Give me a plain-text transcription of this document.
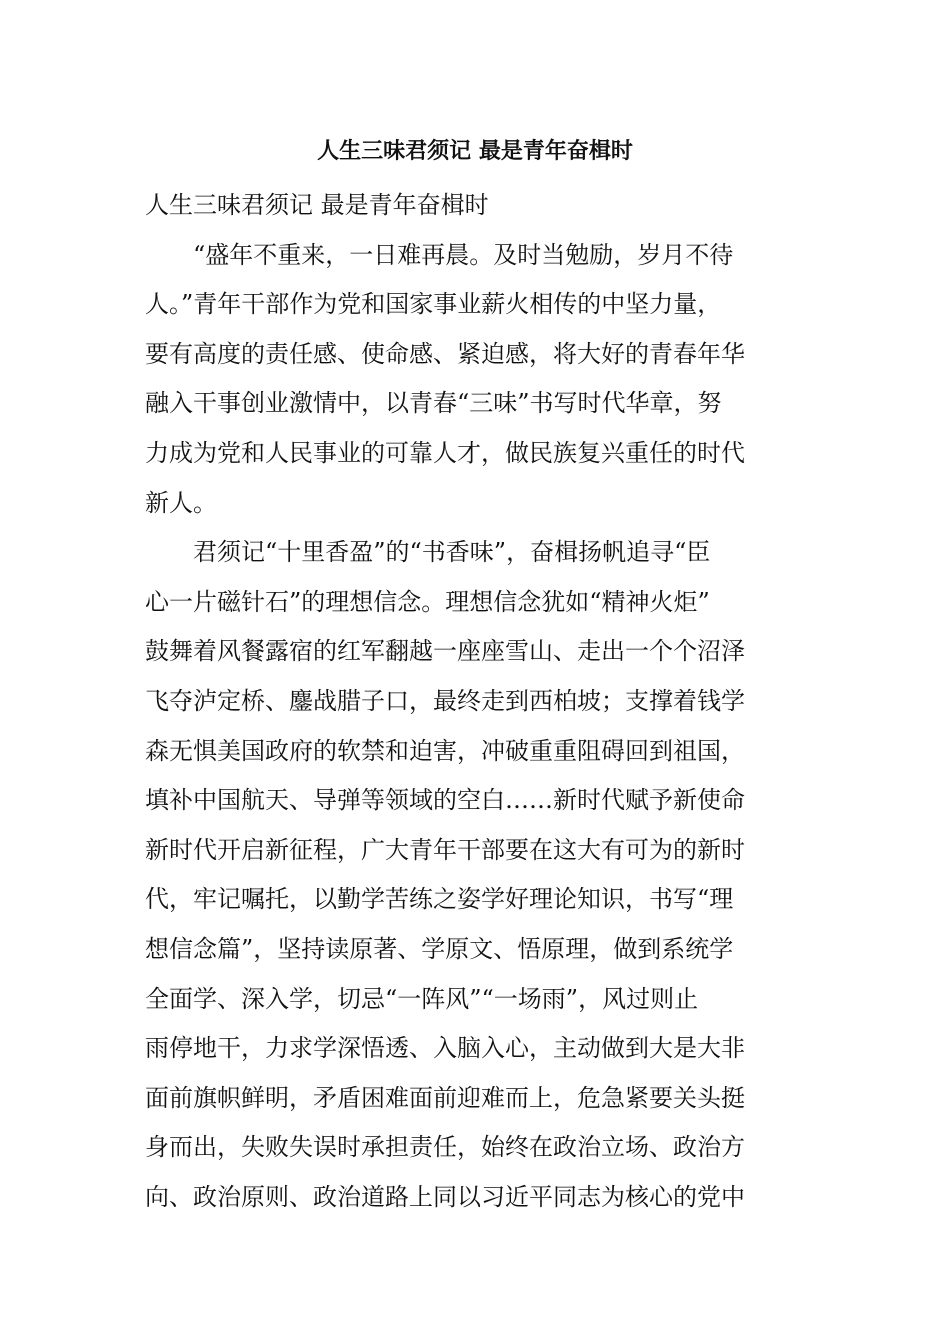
人生三味君须记 最是青年奋楫时

人生三味君须记 最是青年奋楫时

“盛年不重来，一日难再晨。及时当勉励，岁月不待

人。”青年干部作为党和国家事业薪火相传的中坚力量，

要有高度的责任感、使命感、紧迫感，将大好的青春年华

融入干事创业激情中，以青春“三味”书写时代华章，努

力成为党和人民事业的可靠人才，做民族复兴重任的时代

新人。

君须记“十里香盈”的“书香味”，奋楫扬帆追寻“臣

心一片磁针石”的理想信念。理想信念犹如“精神火炬”

鼓舞着风餐露宿的红军翻越一座座雪山、走出一个个沼泽

飞夺泸定桥、鏖战腊子口，最终走到西柏坡；支撑着钱学

森无惧美国政府的软禁和迫害，冲破重重阻碍回到祖国，

填补中国航天、导弹等领域的空白……新时代赋予新使命

新时代开启新征程，广大青年干部要在这大有可为的新时

代，牢记嘱托，以勤学苦练之姿学好理论知识，书写“理

想信念篇”，坚持读原著、学原文、悟原理，做到系统学

全面学、深入学，切忌“一阵风”“一场雨”，风过则止

雨停地干，力求学深悟透、入脑入心，主动做到大是大非

面前旗帜鲜明，矛盾困难面前迎难而上，危急紧要关头挺

身而出，失败失误时承担责任，始终在政治立场、政治方

向、政治原则、政治道路上同以习近平同志为核心的党中
